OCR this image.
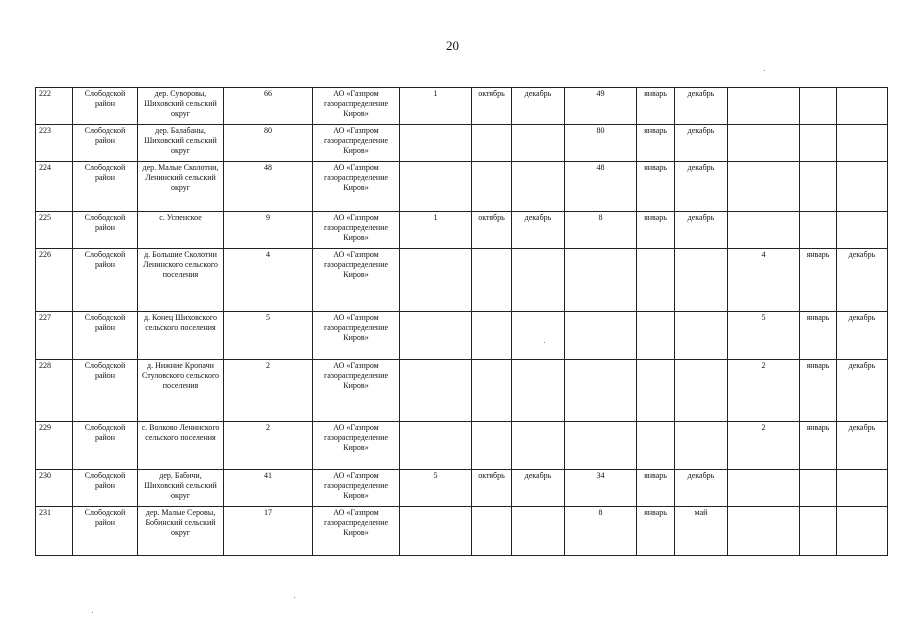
20
222	Слободской район	дер. Суворовы, Шиховский сельский округ	66	АО «Газпром газораспределение Киров»	1	октябрь	декабрь	49	январь	декабрь			
223	Слободской район	дер. Балабаны, Шиховский сельский округ	80	АО «Газпром газораспределение Киров»				80	январь	декабрь			
224	Слободской район	дер. Малые Сколотни, Ленинский сельский округ	48	АО «Газпром газораспределение Киров»				48	январь	декабрь			
225	Слободской район	с. Успенское	9	АО «Газпром газораспределение Киров»	1	октябрь	декабрь	8	январь	декабрь			
226	Слободской район	д. Большие Сколотни Ленинского сельского поселения	4	АО «Газпром газораспределение Киров»							4	январь	декабрь
227	Слободской район	д. Конец Шиховского сельского поселения	5	АО «Газпром газораспределение Киров»							5	январь	декабрь
228	Слободской район	д. Нижние Кропачи Стуловского сельского поселения	2	АО «Газпром газораспределение Киров»							2	январь	декабрь
229	Слободской район	с. Волково Ленинского сельского поселения	2	АО «Газпром газораспределение Киров»							2	январь	декабрь
230	Слободской район	дер. Бабичи, Шиховский сельский округ	41	АО «Газпром газораспределение Киров»	5	октябрь	декабрь	34	январь	декабрь			
231	Слободской район	дер. Малые Серовы, Бобинский сельский округ	17	АО «Газпром газораспределение Киров»				8	январь	май			
